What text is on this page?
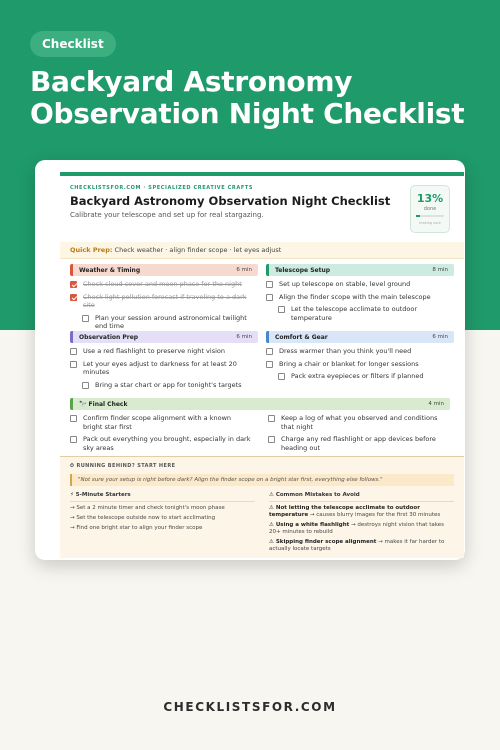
Checklist
Backyard Astronomy Observation Night Checklist
CHECKLISTSFOR.COM · SPECIALIZED CREATIVE CRAFTS
Backyard Astronomy Observation Night Checklist
Calibrate your telescope and set up for real stargazing.
13%
done
making sure
Quick Prep: Check weather · align finder scope · let eyes adjust
Weather & Timing	6 min
Check cloud cover and moon phase for the night
Check light pollution forecast if traveling to a dark site
Plan your session around astronomical twilight end time
Telescope Setup	8 min
Set up telescope on stable, level ground
Align the finder scope with the main telescope
Let the telescope acclimate to outdoor temperature
Observation Prep	6 min
Use a red flashlight to preserve night vision
Let your eyes adjust to darkness for at least 20 minutes
Bring a star chart or app for tonight's targets
Comfort & Gear	6 min
Dress warmer than you think you'll need
Bring a chair or blanket for longer sessions
Pack extra eyepieces or filters if planned
🔭 Final Check	4 min
Confirm finder scope alignment with a known bright star first
Pack out everything you brought, especially in dark sky areas
Keep a log of what you observed and conditions that night
Charge any red flashlight or app devices before heading out
⏱ RUNNING BEHIND? START HERE
"Not sure your setup is right before dark? Align the finder scope on a bright star first, everything else follows."
⚡ 5-Minute Starters
→ Set a 2 minute timer and check tonight's moon phase
→ Set the telescope outside now to start acclimating
→ Find one bright star to align your finder scope
⚠ Common Mistakes to Avoid
⚠ Not letting the telescope acclimate to outdoor temperature → causes blurry images for the first 30 minutes
⚠ Using a white flashlight → destroys night vision that takes 20+ minutes to rebuild
⚠ Skipping finder scope alignment → makes it far harder to actually locate targets
CHECKLISTSFOR.COM
